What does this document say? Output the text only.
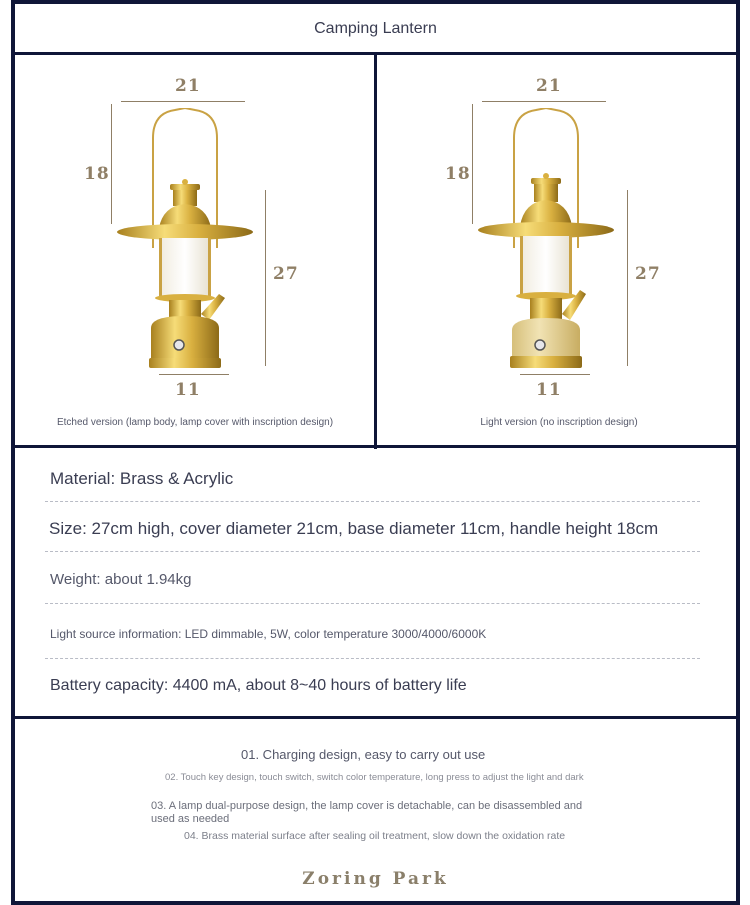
Camping Lantern
21
18
27
11
Etched version (lamp body, lamp cover with inscription design)
21
18
27
11
Light version (no inscription design)
Material: Brass & Acrylic
Size: 27cm high, cover diameter 21cm, base diameter 11cm, handle height 18cm
Weight: about 1.94kg
Light source information: LED dimmable, 5W, color temperature 3000/4000/6000K
Battery capacity: 4400 mA, about 8~40 hours of battery life
01. Charging design, easy to carry out use
02. Touch key design, touch switch, switch color temperature, long press to adjust the light and dark
03. A lamp dual-purpose design, the lamp cover is detachable, can be disassembled and used as needed
04. Brass material surface after sealing oil treatment, slow down the oxidation rate
Zoring Park
